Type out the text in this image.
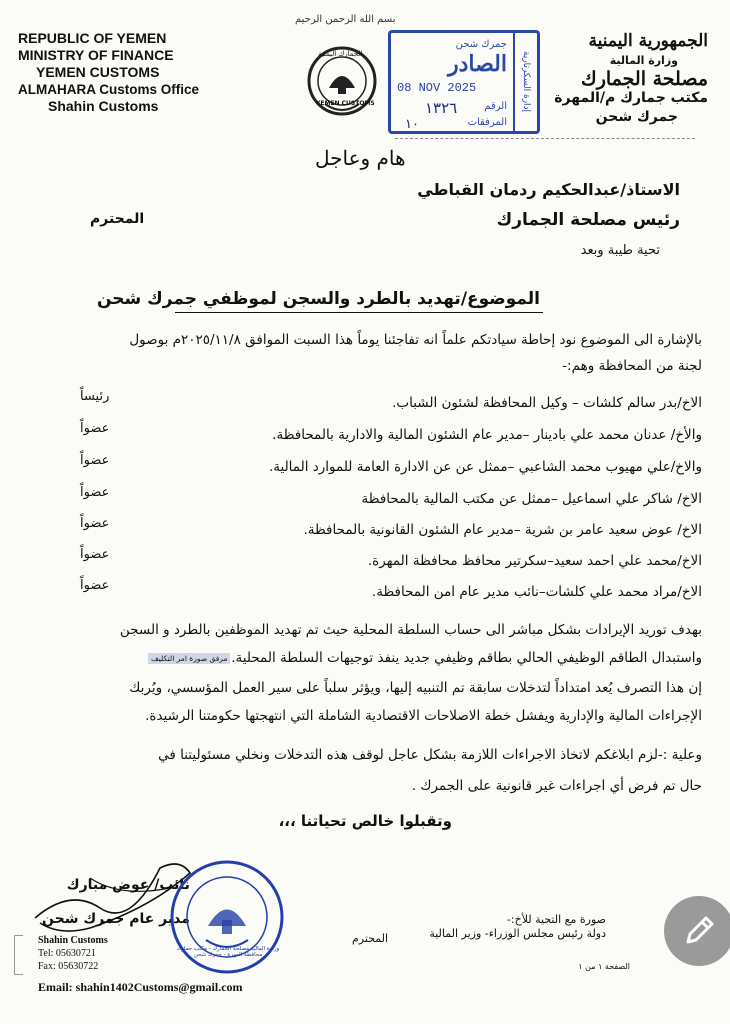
REPUBLIC OF YEMEN
MINISTRY OF FINANCE
YEMEN CUSTOMS
ALMAHARA Customs Office
Shahin Customs
بسم الله الرحمن الرحيم
YEMEN CUSTOMS
الجمارك اليمنية	إدارة السكرتارية
جمرك شحن
الصادر
08 NOV 2025
الرقم
المرفقات
١٣٢٦
١٠
الجمهورية اليمنية
وزارة المالية
مصلحة الجمارك
مكتب جمارك م/المهرة
جمرك شحن
هام وعاجل
الاستاذ/عبدالحكيم ردمان القباطي
رئيس مصلحة الجمارك
المحترم
تحية طيبة وبعد
الموضوع/تهديد بالطرد والسجن لموظفي جمرك شحن
بالإشارة الى الموضوع نود إحاطة سيادتكم علماً انه تفاجئنا يوماً هذا السبت الموافق ٢٠٢٥/١١/٨م بوصول
لجنة من المحافظة وهم:-
الاخ/بدر سالم كلشات – وكيل المحافظة لشئون الشباب.
رئيساً
والأخ/ عدنان محمد علي بادينار –مدير عام الشئون المالية والادارية بالمحافظة.
عضواً
والاخ/علي مهيوب محمد الشاعبي –ممثل عن عن الادارة العامة للموارد المالية.
عضواً
الاخ/ شاكر علي اسماعيل –ممثل عن مكتب المالية بالمحافظة
عضواً
الاخ/ عوض سعيد عامر بن شرية –مدير عام الشئون القانونية بالمحافظة.
عضواً
الاخ/محمد علي احمد سعيد–سكرتير محافظ محافظة المهرة.
عضواً
الاخ/مراد محمد علي كلشات–نائب مدير عام امن المحافظة.
عضواً
بهدف توريد الإيرادات بشكل مباشر الى حساب السلطة المحلية حيث تم تهديد الموظفين بالطرد و السجن
واستبدال الطاقم الوظيفي الحالي بطاقم وظيفي جديد ينفذ توجيهات السلطة المحلية.
مرفق صورة امر التكليف
إن هذا التصرف يُعد امتداداً لتدخلات سابقة تم التنبيه إليها، ويؤثر سلباً على سير العمل المؤسسي، ويُربك
الإجراءات المالية والإدارية ويفشل خطة الاصلاحات الاقتصادية الشاملة التي انتهجتها حكومتنا الرشيدة.
وعلية :-لزم ابلاغكم لاتخاذ الاجراءات اللازمة بشكل عاجل لوقف هذه التدخلات ونخلي مسئوليتنا في
حال تم فرض أي اجراءات غير قانونية على الجمرك .
وتقبلوا خالص تحياتنا ،،،
نائب/ عوض مبارك
مدير عام جمرك شحن
وزارة المالية مصلحة الجمارك - مكتب جمارك محافظة المهرة - جمرك شحن
Shahin Customs
Tel: 05630721
Fax: 05630722
Email: shahin1402Customs@gmail.com
صورة مع التحية للأخ:-
دولة رئيس مجلس الوزراء- وزير المالية
المحترم
الصفحة ١ من ١
